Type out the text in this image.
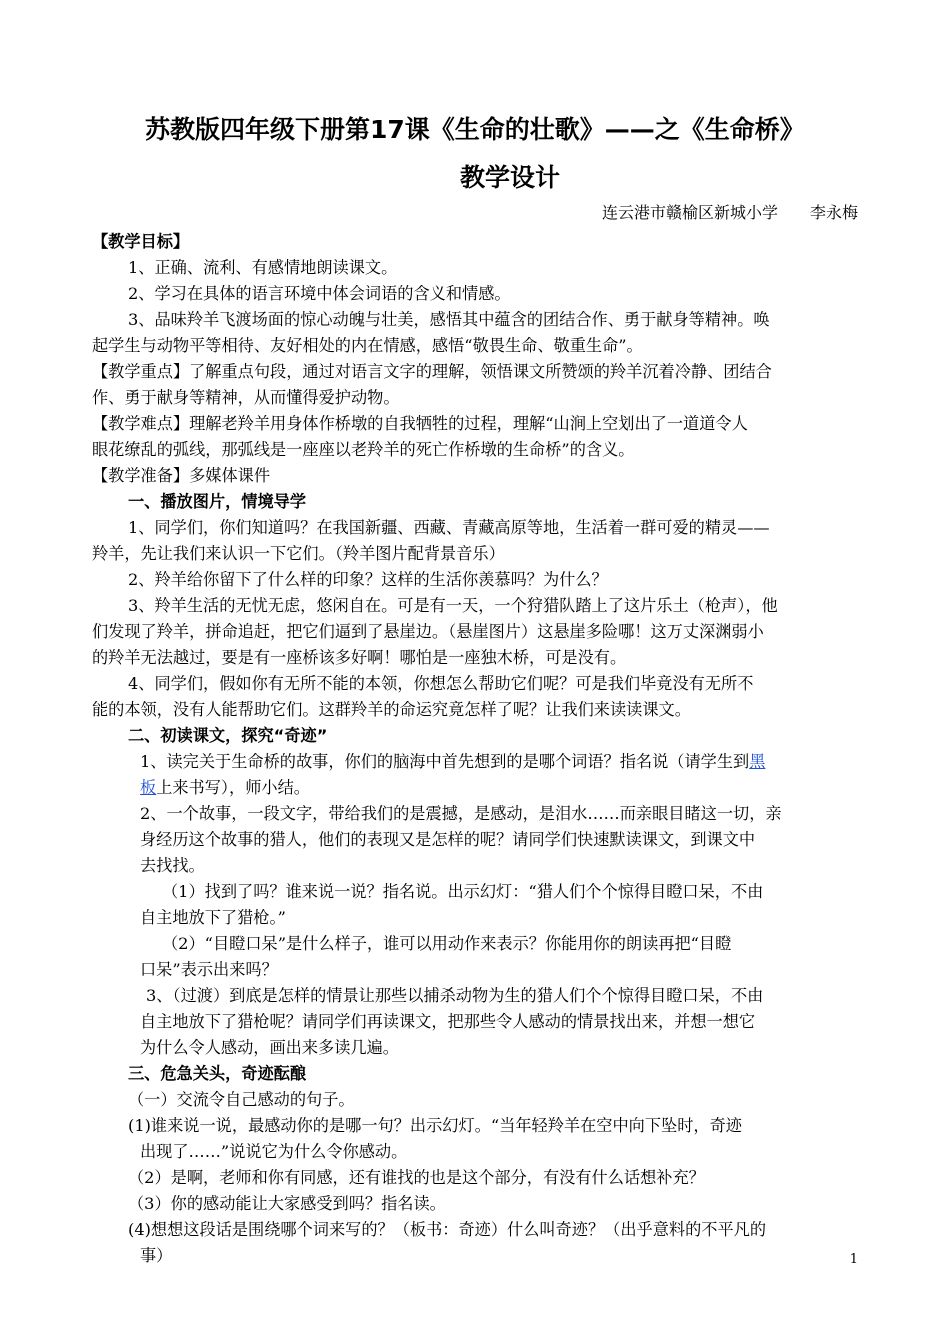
苏教版四年级下册第17课《生命的壮歌》——之《生命桥》
教学设计
连云港市赣榆区新城小学　　李永梅
【教学目标】
1、正确、流利、有感情地朗读课文。
2、学习在具体的语言环境中体会词语的含义和情感。
3、品味羚羊飞渡场面的惊心动魄与壮美，感悟其中蕴含的团结合作、勇于献身等精神。唤
起学生与动物平等相待、友好相处的内在情感，感悟“敬畏生命、敬重生命”。
【教学重点】了解重点句段，通过对语言文字的理解，领悟课文所赞颂的羚羊沉着冷静、团结合
作、勇于献身等精神，从而懂得爱护动物。
【教学难点】理解老羚羊用身体作桥墩的自我牺牲的过程，理解“山涧上空划出了一道道令人
眼花缭乱的弧线，那弧线是一座座以老羚羊的死亡作桥墩的生命桥”的含义。
【教学准备】多媒体课件
一、播放图片，情境导学
1、同学们，你们知道吗？在我国新疆、西藏、青藏高原等地，生活着一群可爱的精灵——
羚羊，先让我们来认识一下它们。（羚羊图片配背景音乐）
2、羚羊给你留下了什么样的印象？这样的生活你羡慕吗？为什么？
3、羚羊生活的无忧无虑，悠闲自在。可是有一天，一个狩猎队踏上了这片乐土（枪声），他
们发现了羚羊，拼命追赶，把它们逼到了悬崖边。（悬崖图片）这悬崖多险哪！这万丈深渊弱小
的羚羊无法越过，要是有一座桥该多好啊！哪怕是一座独木桥，可是没有。
4、同学们，假如你有无所不能的本领，你想怎么帮助它们呢？可是我们毕竟没有无所不
能的本领，没有人能帮助它们。这群羚羊的命运究竟怎样了呢？让我们来读读课文。
二、初读课文，探究“奇迹”
1、读完关于生命桥的故事，你们的脑海中首先想到的是哪个词语？指名说（请学生到黑
板上来书写），师小结。
2、一个故事，一段文字，带给我们的是震撼，是感动，是泪水……而亲眼目睹这一切，亲
身经历这个故事的猎人，他们的表现又是怎样的呢？请同学们快速默读课文，到课文中
去找找。
（1）找到了吗？谁来说一说？指名说。出示幻灯：“猎人们个个惊得目瞪口呆，不由
自主地放下了猎枪。”
（2）“目瞪口呆”是什么样子，谁可以用动作来表示？你能用你的朗读再把“目瞪
口呆”表示出来吗？
3、（过渡）到底是怎样的情景让那些以捕杀动物为生的猎人们个个惊得目瞪口呆，不由
自主地放下了猎枪呢？请同学们再读课文，把那些令人感动的情景找出来，并想一想它
为什么令人感动，画出来多读几遍。
三、危急关头，奇迹酝酿
（一）交流令自己感动的句子。
(1)谁来说一说，最感动你的是哪一句？出示幻灯。“当年轻羚羊在空中向下坠时，奇迹
出现了……”说说它为什么令你感动。
（2）是啊，老师和你有同感，还有谁找的也是这个部分，有没有什么话想补充？
（3）你的感动能让大家感受到吗？指名读。
(4)想想这段话是围绕哪个词来写的？（板书：奇迹）什么叫奇迹？（出乎意料的不平凡的
事）	1
